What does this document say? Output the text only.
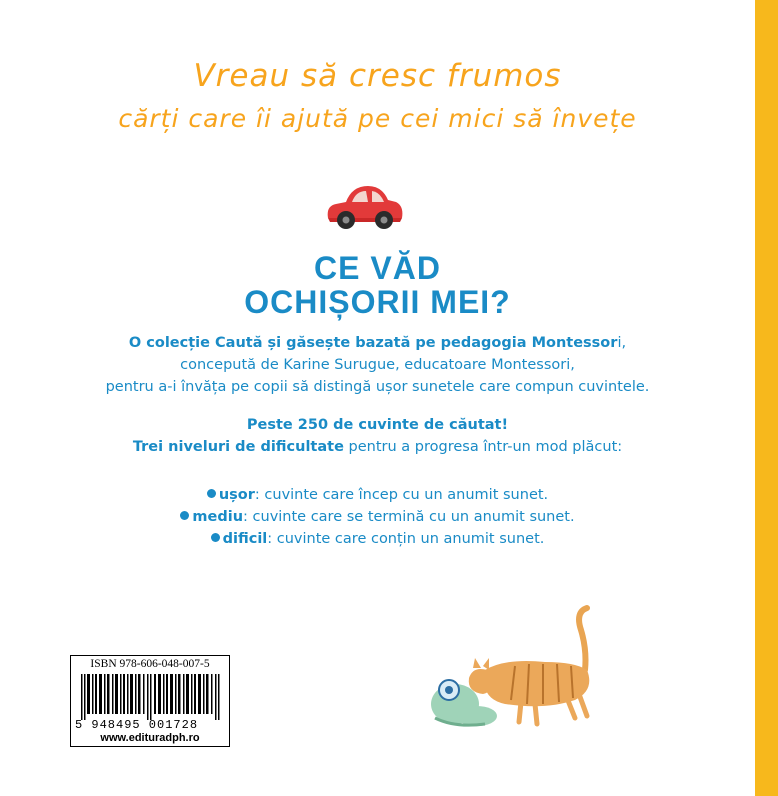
Vreau să cresc frumos
cărți care îi ajută pe cei mici să învețe
CE VĂD
OCHIȘORII MEI?
O colecție Caută și găsește bazată pe pedagogia Montessori,
concepută de Karine Surugue, educatoare Montessori,
pentru a-i învăța pe copii să distingă ușor sunetele care compun cuvintele.
Peste 250 de cuvinte de căutat!
Trei niveluri de dificultate pentru a progresa într-un mod plăcut:
ușor: cuvinte care încep cu un anumit sunet.
mediu: cuvinte care se termină cu un anumit sunet.
dificil: cuvinte care conțin un anumit sunet.
ISBN 978-606-048-007-5
5 948495 001728
www.edituradph.ro
